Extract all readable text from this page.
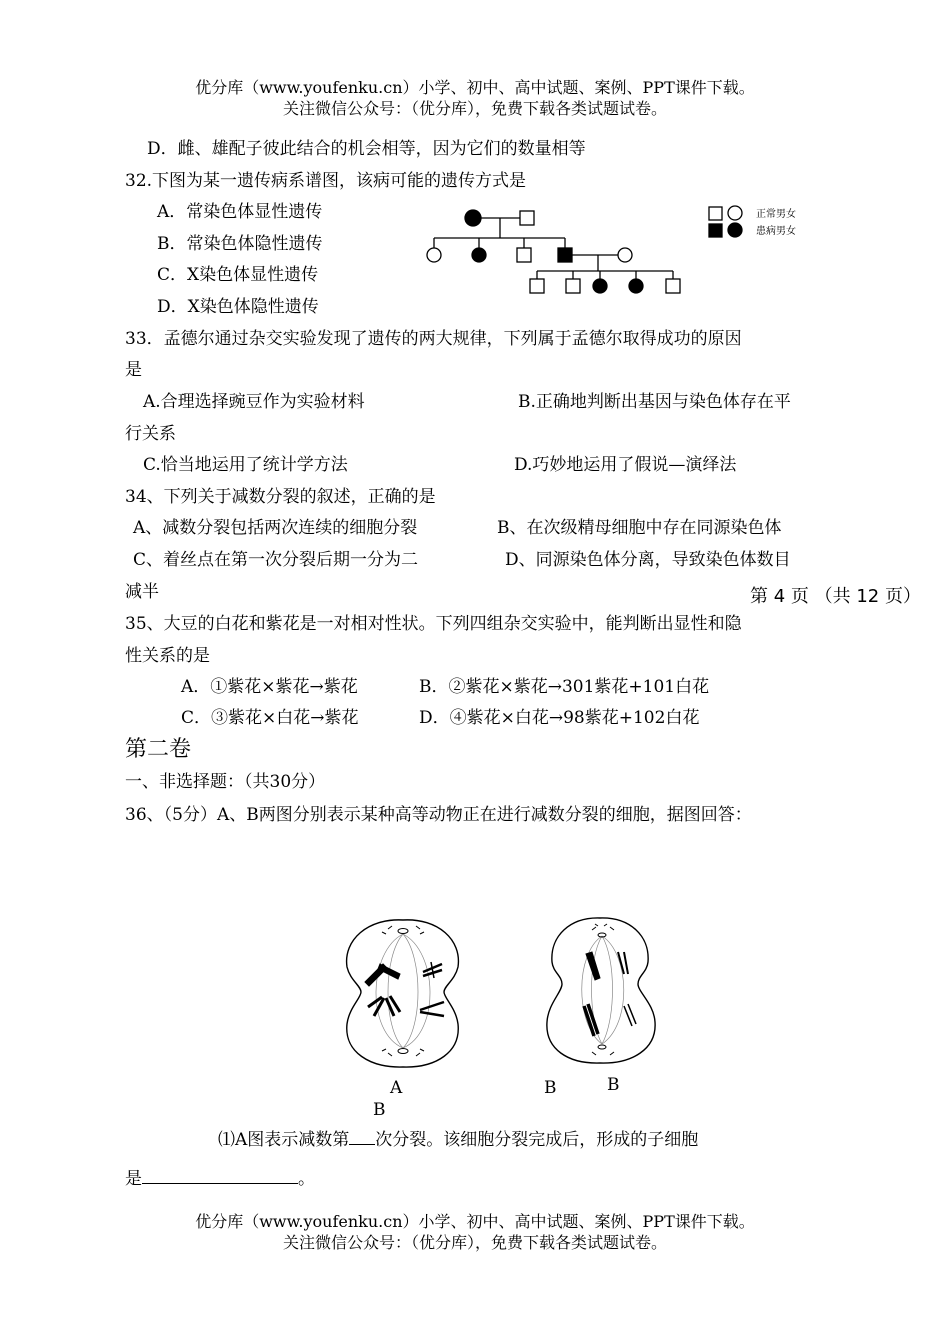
优分库（www.youfenku.cn）小学、初中、高中试题、案例、PPT课件下载。
关注微信公众号：（优分库），免费下载各类试题试卷。
D．雌、雄配子彼此结合的机会相等，因为它们的数量相等
32.下图为某一遗传病系谱图，该病可能的遗传方式是
A．常染色体显性遗传
B．常染色体隐性遗传
C．X染色体显性遗传
D．X染色体隐性遗传
正常男女
患病男女
33．孟德尔通过杂交实验发现了遗传的两大规律，下列属于孟德尔取得成功的原因
是
A.合理选择豌豆作为实验材料	B.正确地判断出基因与染色体存在平
行关系
C.恰当地运用了统计学方法	D.巧妙地运用了假说—演绎法
34、下列关于减数分裂的叙述，正确的是
A、减数分裂包括两次连续的细胞分裂	B、在次级精母细胞中存在同源染色体
C、着丝点在第一次分裂后期一分为二	D、同源染色体分离，导致染色体数目
减半	第 4 页 （共 12 页）
35、大豆的白花和紫花是一对相对性状。下列四组杂交实验中，能判断出显性和隐
性关系的是
A．①紫花×紫花→紫花	B．②紫花×紫花→301紫花+101白花
C．③紫花×白花→紫花	D．④紫花×白花→98紫花+102白花
第二卷
一、非选择题：（共30分）
36、（5分）A、B两图分别表示某种高等动物正在进行减数分裂的细胞，据图回答：
A	B	B
B
⑴A图表示减数第 次分裂。该细胞分裂完成后，形成的子细胞
是	。
优分库（www.youfenku.cn）小学、初中、高中试题、案例、PPT课件下载。
关注微信公众号：（优分库），免费下载各类试题试卷。
